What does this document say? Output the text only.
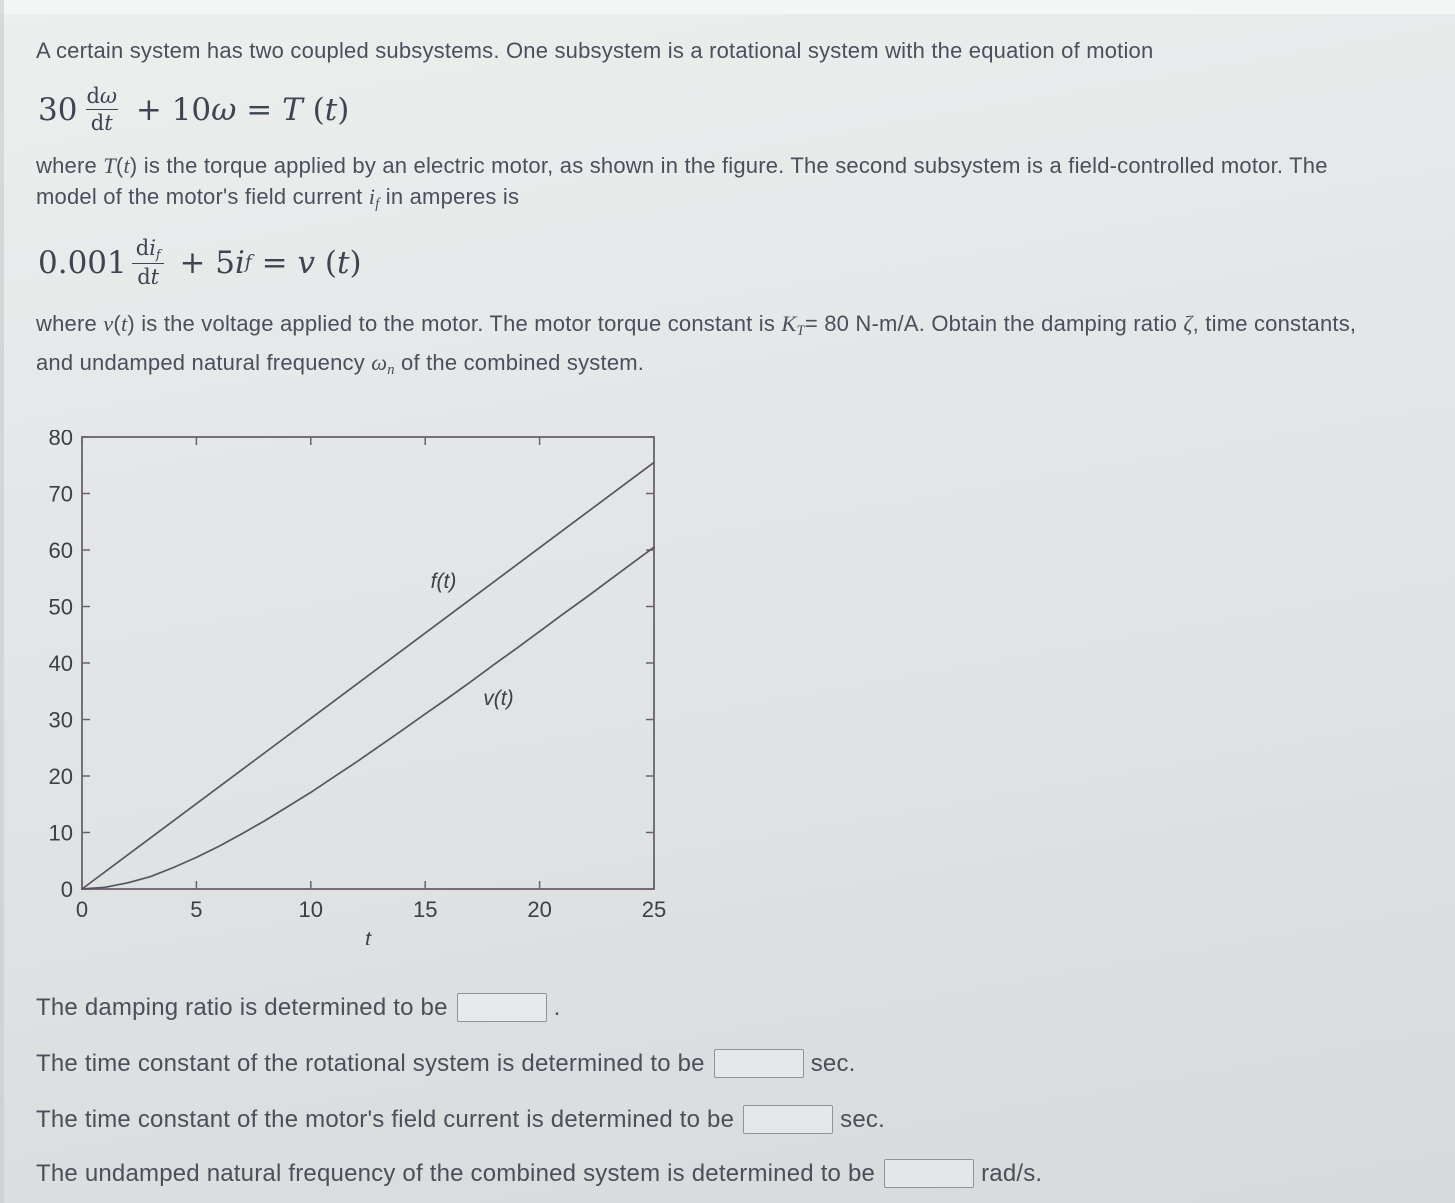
A certain system has two coupled subsystems. One subsystem is a rotational system with the equation of motion
$30 \frac{d\omega}{dt} + 10$ ω = T ( t )
where T(t) is the torque applied by an electric motor, as shown in the figure. The second subsystem is a field-controlled motor. The
model of the motor's field current if in amperes is
$0.001 \frac{\text{dif}}{dt} + 5$ i f = v ( t )
where v(t) is the voltage applied to the motor. The motor torque constant is KT= 80 N-m/A. Obtain the damping ratio ζ, time constants,
and undamped natural frequency ωn of the combined system.
0	5	10	15	20	25
0
10
20
30
40
50
60
70
80
f(t)
v(t)
t
The damping ratio is determined to be	.
The time constant of the rotational system is determined to be	sec.
The time constant of the motor's field current is determined to be	sec.
The undamped natural frequency of the combined system is determined to be	rad/s.
